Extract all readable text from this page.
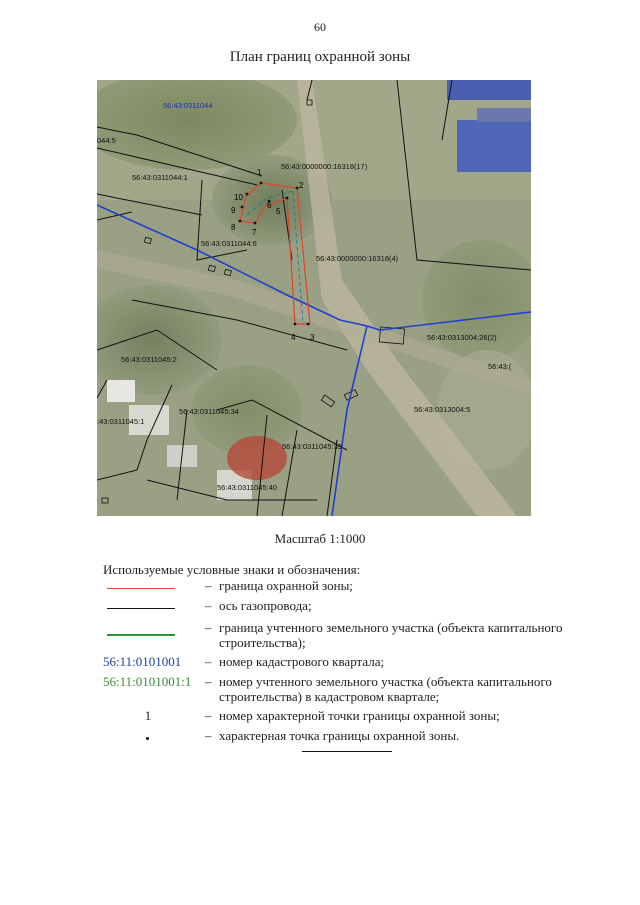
60
План границ охранной зоны
1
2
3
4
5
6
7
8
9
10
56:43:0311044
044:5
56:43:0311044:1
56:43:0000000:16318(17)
56:43:0311044:6
56:43:0000000:16318(4)
56:43:0313004:26(2)
56:43:0311045:2
56:43:(
:43:0311045:1
56:43:0311045:34	56:43:0313004:5
56:43:0311045:39
56:43:0311045:40
Масштаб 1:1000
Используемые условные знаки и обозначения:
– граница охранной зоны;
– ось газопровода;
– граница учтенного земельного участка (объекта капитального строительства);
56:11:0101001	– номер кадастрового квартала;
56:11:0101001:1	– номер учтенного земельного участка (объекта капитального строительства) в кадастровом квартале;
1	– номер характерной точки границы охранной зоны;
– характерная точка границы охранной зоны.
